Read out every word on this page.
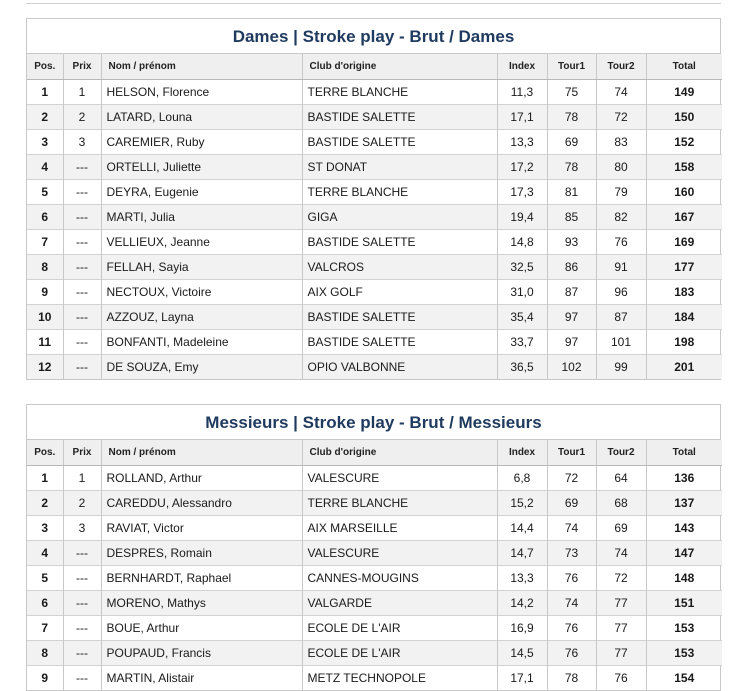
Dames | Stroke play - Brut / Dames
Pos.	Prix	Nom / prénom	Club d'origine	Index	Tour1	Tour2	Total
1	1	HELSON, Florence	TERRE BLANCHE	11,3	75	74	149
2	2	LATARD, Louna	BASTIDE SALETTE	17,1	78	72	150
3	3	CAREMIER, Ruby	BASTIDE SALETTE	13,3	69	83	152
4	---	ORTELLI, Juliette	ST DONAT	17,2	78	80	158
5	---	DEYRA, Eugenie	TERRE BLANCHE	17,3	81	79	160
6	---	MARTI, Julia	GIGA	19,4	85	82	167
7	---	VELLIEUX, Jeanne	BASTIDE SALETTE	14,8	93	76	169
8	---	FELLAH, Sayia	VALCROS	32,5	86	91	177
9	---	NECTOUX, Victoire	AIX GOLF	31,0	87	96	183
10	---	AZZOUZ, Layna	BASTIDE SALETTE	35,4	97	87	184
11	---	BONFANTI, Madeleine	BASTIDE SALETTE	33,7	97	101	198
12	---	DE SOUZA, Emy	OPIO VALBONNE	36,5	102	99	201
Messieurs | Stroke play - Brut / Messieurs
Pos.	Prix	Nom / prénom	Club d'origine	Index	Tour1	Tour2	Total
1	1	ROLLAND, Arthur	VALESCURE	6,8	72	64	136
2	2	CAREDDU, Alessandro	TERRE BLANCHE	15,2	69	68	137
3	3	RAVIAT, Victor	AIX MARSEILLE	14,4	74	69	143
4	---	DESPRES, Romain	VALESCURE	14,7	73	74	147
5	---	BERNHARDT, Raphael	CANNES-MOUGINS	13,3	76	72	148
6	---	MORENO, Mathys	VALGARDE	14,2	74	77	151
7	---	BOUE, Arthur	ECOLE DE L'AIR	16,9	76	77	153
8	---	POUPAUD, Francis	ECOLE DE L'AIR	14,5	76	77	153
9	---	MARTIN, Alistair	METZ TECHNOPOLE	17,1	78	76	154
